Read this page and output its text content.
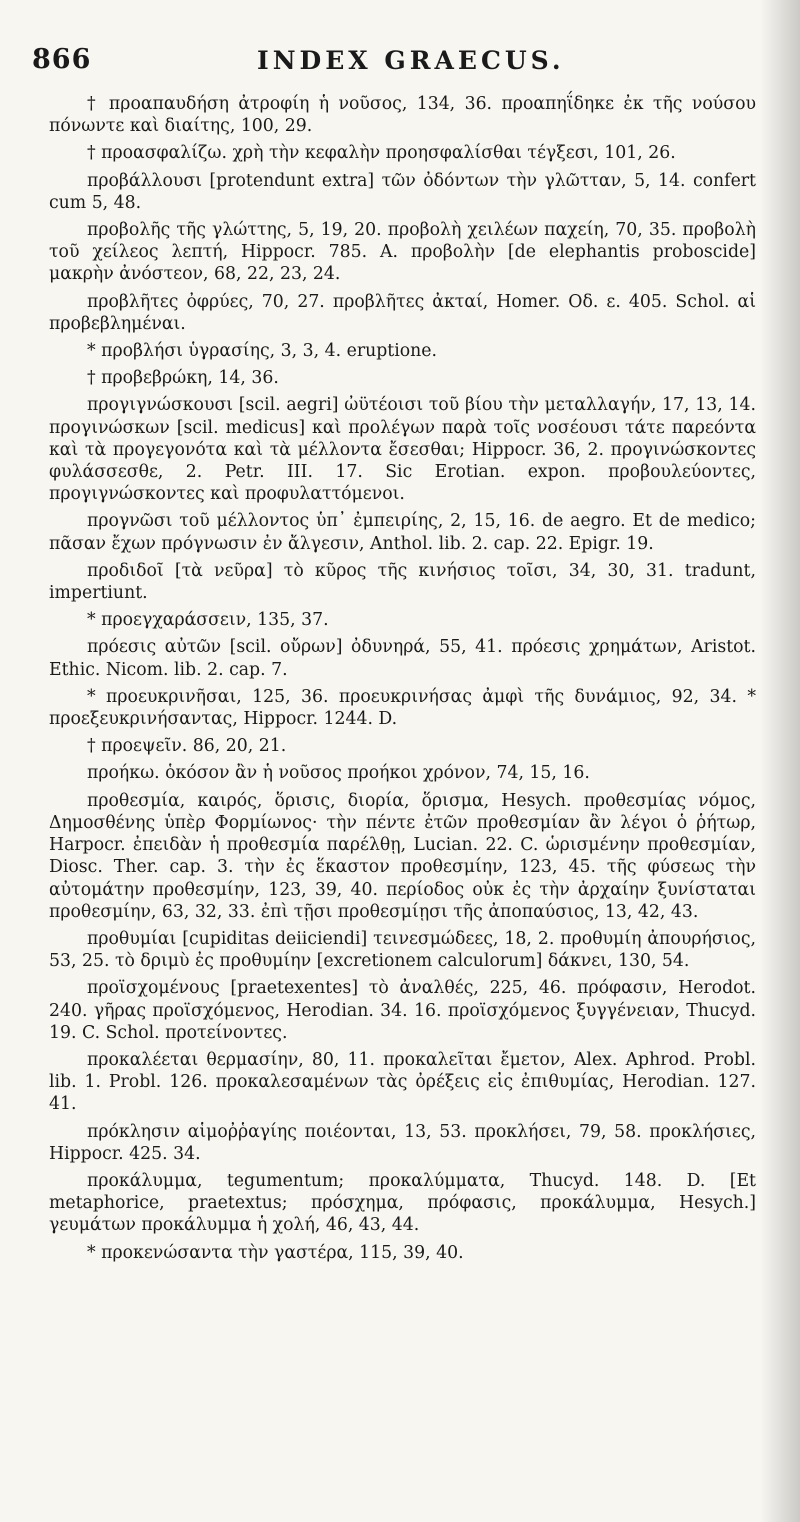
866	INDEX GRAECUS.

† προαπαυδήση ἀτροφίη ἡ νοῦσος, 134, 36. προαπηΐδηκε ἐκ τῆς νούσου πόνωντε καὶ διαίτης, 100, 29.

† προασφαλίζω. χρὴ τὴν κεφαλὴν προησφαλίσθαι τέγξεσι, 101, 26.

προβάλλουσι [protendunt extra] τῶν ὀδόντων τὴν γλῶτταν, 5, 14. confert cum 5, 48.

προβολῆς τῆς γλώττης, 5, 19, 20. προβολὴ χειλέων παχείη, 70, 35. προβολὴ τοῦ χείλεος λεπτή, Hippocr. 785. A. προβολὴν [de elephantis proboscide] μακρὴν ἀνόστεον, 68, 22, 23, 24.

προβλῆτες ὀφρύες, 70, 27. προβλῆτες ἀκταί, Homer. Οδ. ε. 405. Schol. αἱ προβεβλημέναι.

* προβλήσι ὑγρασίης, 3, 3, 4. eruptione.

† προβεβρώκη, 14, 36.

προγιγνώσκουσι [scil. aegri] ὠϋτέοισι τοῦ βίου τὴν μεταλλαγήν, 17, 13, 14. προγινώσκων [scil. medicus] καὶ προλέγων παρὰ τοῖς νοσέουσι τάτε παρεόντα καὶ τὰ προγεγονότα καὶ τὰ μέλλοντα ἔσεσθαι; Hippocr. 36, 2. προγινώσκοντες φυλάσσεσθε, 2. Petr. III. 17. Sic Erotian. expon. προβουλεύοντες, προγιγνώσκοντες καὶ προφυλαττόμενοι.

προγνῶσι τοῦ μέλλοντος ὑπ᾽ ἐμπειρίης, 2, 15, 16. de aegro. Et de medico; πᾶσαν ἔχων πρόγνωσιν ἐν ἄλγεσιν, Anthol. lib. 2. cap. 22. Epigr. 19.

προδιδοῖ [τὰ νεῦρα] τὸ κῦρος τῆς κινήσιος τοῖσι, 34, 30, 31. tradunt, impertiunt.

* προεγχαράσσειν, 135, 37.

πρόεσις αὐτῶν [scil. οὔρων] ὀδυνηρά, 55, 41. πρόεσις χρημάτων, Aristot. Ethic. Nicom. lib. 2. cap. 7.

* προευκρινῆσαι, 125, 36. προευκρινήσας ἀμφὶ τῆς δυνάμιος, 92, 34. * προεξευκρινήσαντας, Hippocr. 1244. D.

† προεψεῖν. 86, 20, 21.

προήκω. ὁκόσον ἂν ἡ νοῦσος προήκοι χρόνον, 74, 15, 16.

προθεσμία, καιρός, ὅρισις, διορία, ὅρισμα, Hesych. προθεσμίας νόμος, Δημοσθένης ὑπὲρ Φορμίωνος· τὴν πέντε ἐτῶν προθεσμίαν ἂν λέγοι ὁ ῥήτωρ, Harpocr. ἐπειδὰν ἡ προθεσμία παρέλθῃ, Lucian. 22. C. ὡρισμένην προθεσμίαν, Diosc. Ther. cap. 3. τὴν ἐς ἕκαστον προθεσμίην, 123, 45. τῆς φύσεως τὴν αὐτομάτην προθεσμίην, 123, 39, 40. περίοδος οὐκ ἐς τὴν ἀρχαίην ξυνίσταται προθεσμίην, 63, 32, 33. ἐπὶ τῇσι προθεσμίῃσι τῆς ἀποπαύσιος, 13, 42, 43.

προθυμίαι [cupiditas deiiciendi] τεινεσμώδεες, 18, 2. προθυμίη ἀπουρήσιος, 53, 25. τὸ δριμὺ ἐς προθυμίην [excretionem calculorum] δάκνει, 130, 54.

προϊσχομένους [praetexentes] τὸ ἀναλθές, 225, 46. πρόφασιν, Herodot. 240. γῆρας προϊσχόμενος, Herodian. 34. 16. προϊσχόμενος ξυγγένειαν, Thucyd. 19. C. Schol. προτείνοντες.

προκαλέεται θερμασίην, 80, 11. προκαλεῖται ἔμετον, Alex. Aphrod. Probl. lib. 1. Probl. 126. προκαλεσαμένων τὰς ὀρέξεις εἰς ἐπιθυμίας, Herodian. 127. 41.

πρόκλησιν αἱμοῤῥαγίης ποιέονται, 13, 53. προκλήσει, 79, 58. προκλήσιες, Hippocr. 425. 34.

προκάλυμμα, tegumentum; προκαλύμματα, Thucyd. 148. D. [Et metaphorice, praetextus; πρόσχημα, πρόφασις, προκάλυμμα, Hesych.] γευμάτων προκάλυμμα ἡ χολή, 46, 43, 44.

* προκενώσαντα τὴν γαστέρα, 115, 39, 40.
